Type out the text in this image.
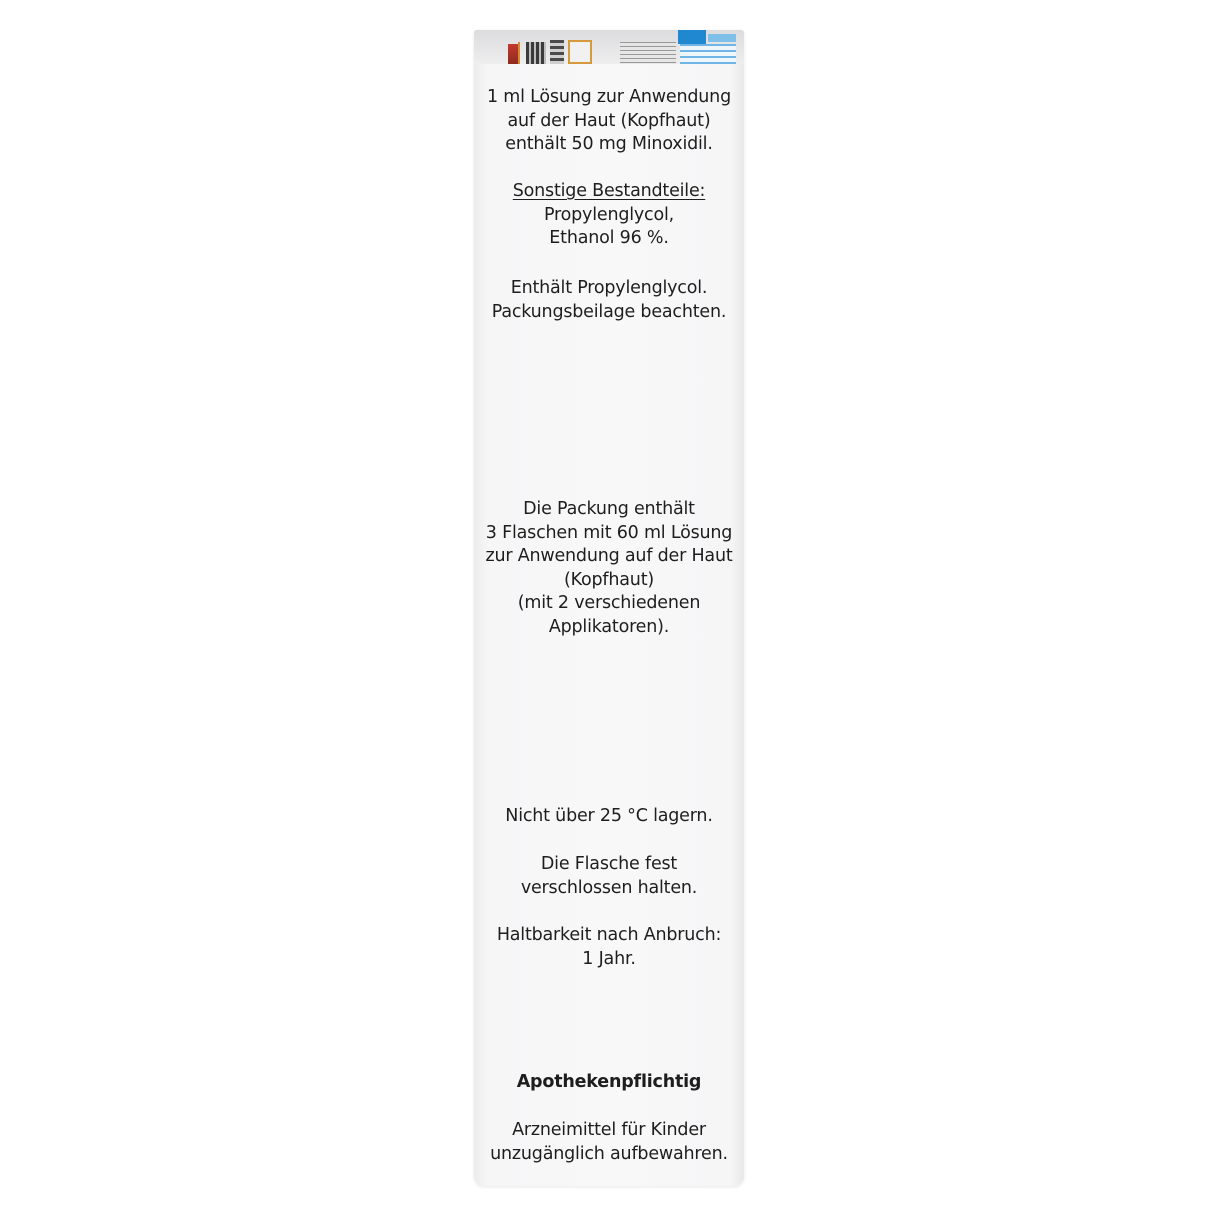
1 ml Lösung zur Anwendung
auf der Haut (Kopfhaut)
enthält 50 mg Minoxidil.
Sonstige Bestandteile:
Propylenglycol,
Ethanol 96 %.
Enthält Propylenglycol.
Packungsbeilage beachten.
Die Packung enthält
3 Flaschen mit 60 ml Lösung
zur Anwendung auf der Haut
(Kopfhaut)
(mit 2 verschiedenen
Applikatoren).
Nicht über 25 °C lagern.
Die Flasche fest
verschlossen halten.
Haltbarkeit nach Anbruch:
1 Jahr.
Apothekenpflichtig
Arzneimittel für Kinder
unzugänglich aufbewahren.
